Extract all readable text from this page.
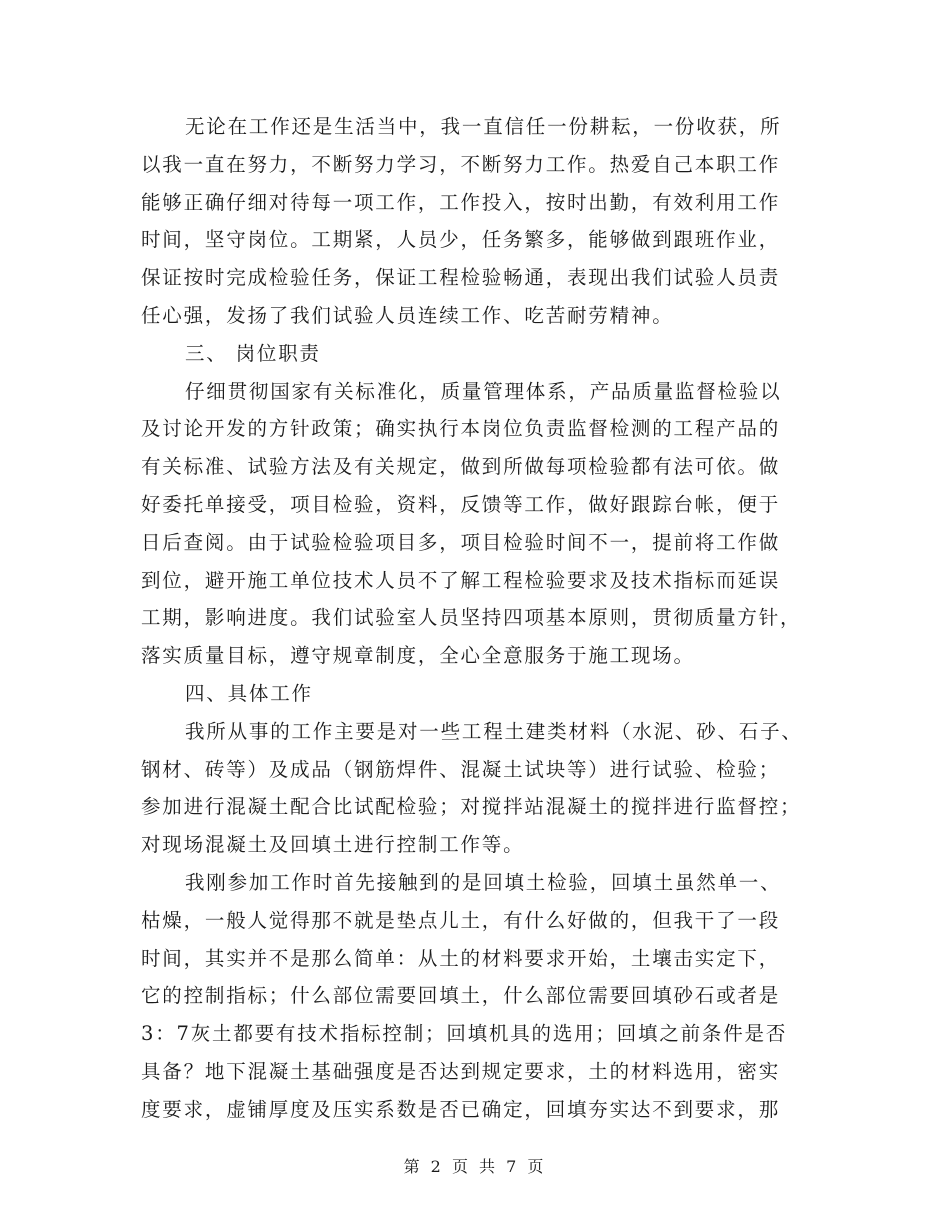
无论在工作还是生活当中，我一直信任一份耕耘，一份收获，所
以我一直在努力，不断努力学习，不断努力工作。热爱自己本职工作
能够正确仔细对待每一项工作，工作投入，按时出勤，有效利用工作
时间，坚守岗位。工期紧，人员少，任务繁多，能够做到跟班作业，
保证按时完成检验任务，保证工程检验畅通，表现出我们试验人员责
任心强，发扬了我们试验人员连续工作、吃苦耐劳精神。
三、 岗位职责
仔细贯彻国家有关标准化，质量管理体系，产品质量监督检验以
及讨论开发的方针政策；确实执行本岗位负责监督检测的工程产品的
有关标准、试验方法及有关规定，做到所做每项检验都有法可依。做
好委托单接受，项目检验，资料，反馈等工作，做好跟踪台帐，便于
日后查阅。由于试验检验项目多，项目检验时间不一，提前将工作做
到位，避开施工单位技术人员不了解工程检验要求及技术指标而延误
工期，影响进度。我们试验室人员坚持四项基本原则，贯彻质量方针，
落实质量目标，遵守规章制度，全心全意服务于施工现场。
四、具体工作
我所从事的工作主要是对一些工程土建类材料（水泥、砂、石子、
钢材、砖等）及成品（钢筋焊件、混凝土试块等）进行试验、检验；
参加进行混凝土配合比试配检验；对搅拌站混凝土的搅拌进行监督控；
对现场混凝土及回填土进行控制工作等。
我刚参加工作时首先接触到的是回填土检验，回填土虽然单一、
枯燥，一般人觉得那不就是垫点儿土，有什么好做的，但我干了一段
时间，其实并不是那么简单：从土的材料要求开始，土壤击实定下，
它的控制指标；什么部位需要回填土，什么部位需要回填砂石或者是
3：7灰土都要有技术指标控制；回填机具的选用；回填之前条件是否
具备？地下混凝土基础强度是否达到规定要求，土的材料选用，密实
度要求，虚铺厚度及压实系数是否已确定，回填夯实达不到要求，那
第 2 页 共 7 页
